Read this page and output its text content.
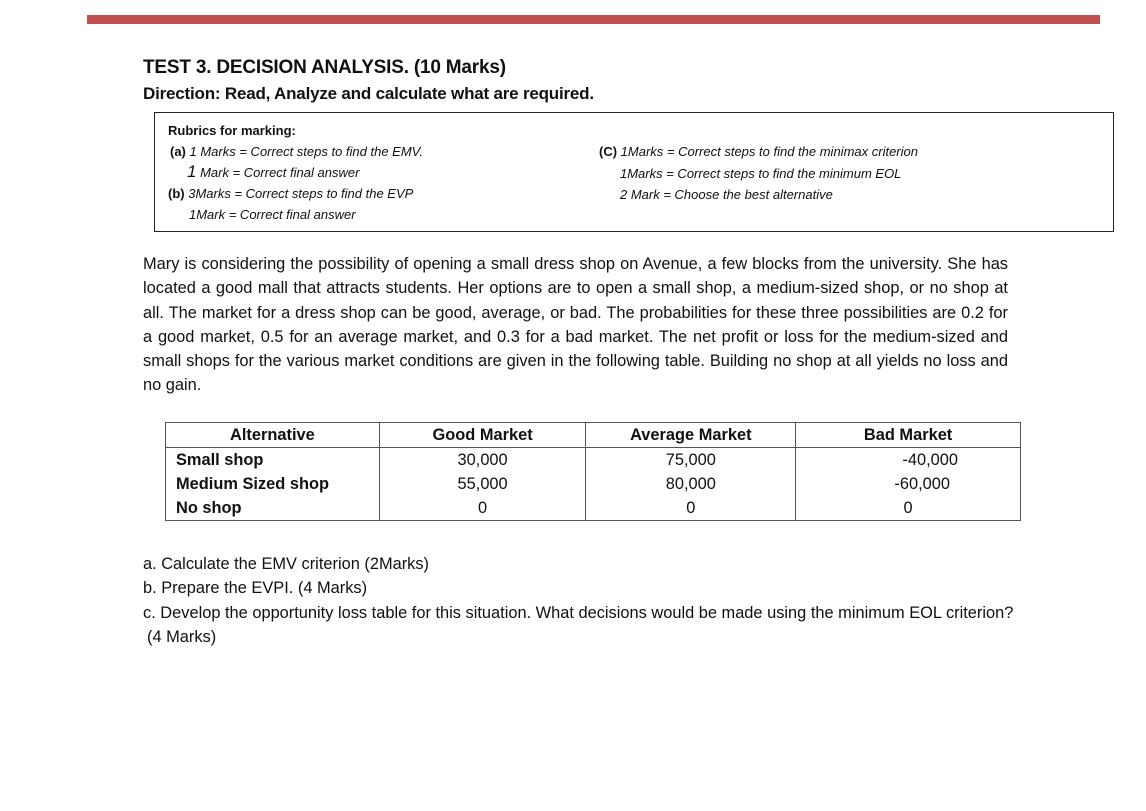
TEST 3. DECISION ANALYSIS. (10 Marks)
Direction: Read, Analyze and calculate what are required.
Rubrics for marking:
(a) 1 Marks = Correct steps to find the EMV.
1 Mark = Correct final answer
(b) 3Marks = Correct steps to find the EVP
1Mark = Correct final answer
(C) 1Marks = Correct steps to find the minimax criterion
1Marks = Correct steps to find the minimum EOL
2 Mark = Choose the best alternative
Mary is considering the possibility of opening a small dress shop on Avenue, a few blocks from the university. She has located a good mall that attracts students. Her options are to open a small shop, a medium-sized shop, or no shop at all. The market for a dress shop can be good, average, or bad. The probabilities for these three possibilities are 0.2 for a good market, 0.5 for an average market, and 0.3 for a bad market. The net profit or loss for the medium-sized and small shops for the various market conditions are given in the following table. Building no shop at all yields no loss and no gain.
Alternative	Good Market	Average Market	Bad Market
Small shop	30,000	75,000	-40,000
Medium Sized shop	55,000	80,000	-60,000
No shop	0	0	0
a. Calculate the EMV criterion (2Marks)
b. Prepare the EVPI. (4 Marks)
c. Develop the opportunity loss table for this situation. What decisions would be made using the minimum EOL criterion?
(4 Marks)
